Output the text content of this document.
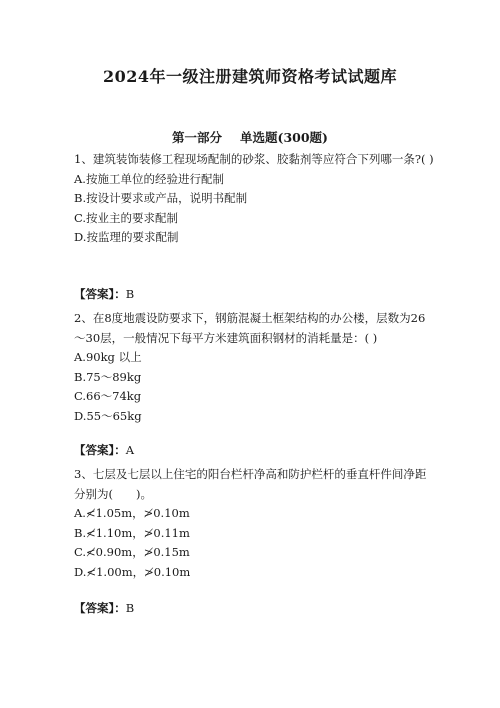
2024年一级注册建筑师资格考试试题库
第一部分 单选题(300题)

1、建筑装饰装修工程现场配制的砂浆、胶黏剂等应符合下列哪一条?( )

A.按施工单位的经验进行配制

B.按设计要求或产品，说明书配制

C.按业主的要求配制

D.按监理的要求配制

【答案】：B

2、在8度地震设防要求下，钢筋混凝土框架结构的办公楼，层数为26～30层，一般情况下每平方米建筑面积钢材的消耗量是：( )

A.90kg 以上

B.75～89kg

C.66～74kg

D.55～65kg

【答案】：A

3、七层及七层以上住宅的阳台栏杆净高和防护栏杆的垂直杆件间净距分别为(　　)。

A.≮1.05m，≯0.10m

B.≮1.10m，≯0.11m

C.≮0.90m，≯0.15m

D.≮1.00m，≯0.10m

【答案】：B
